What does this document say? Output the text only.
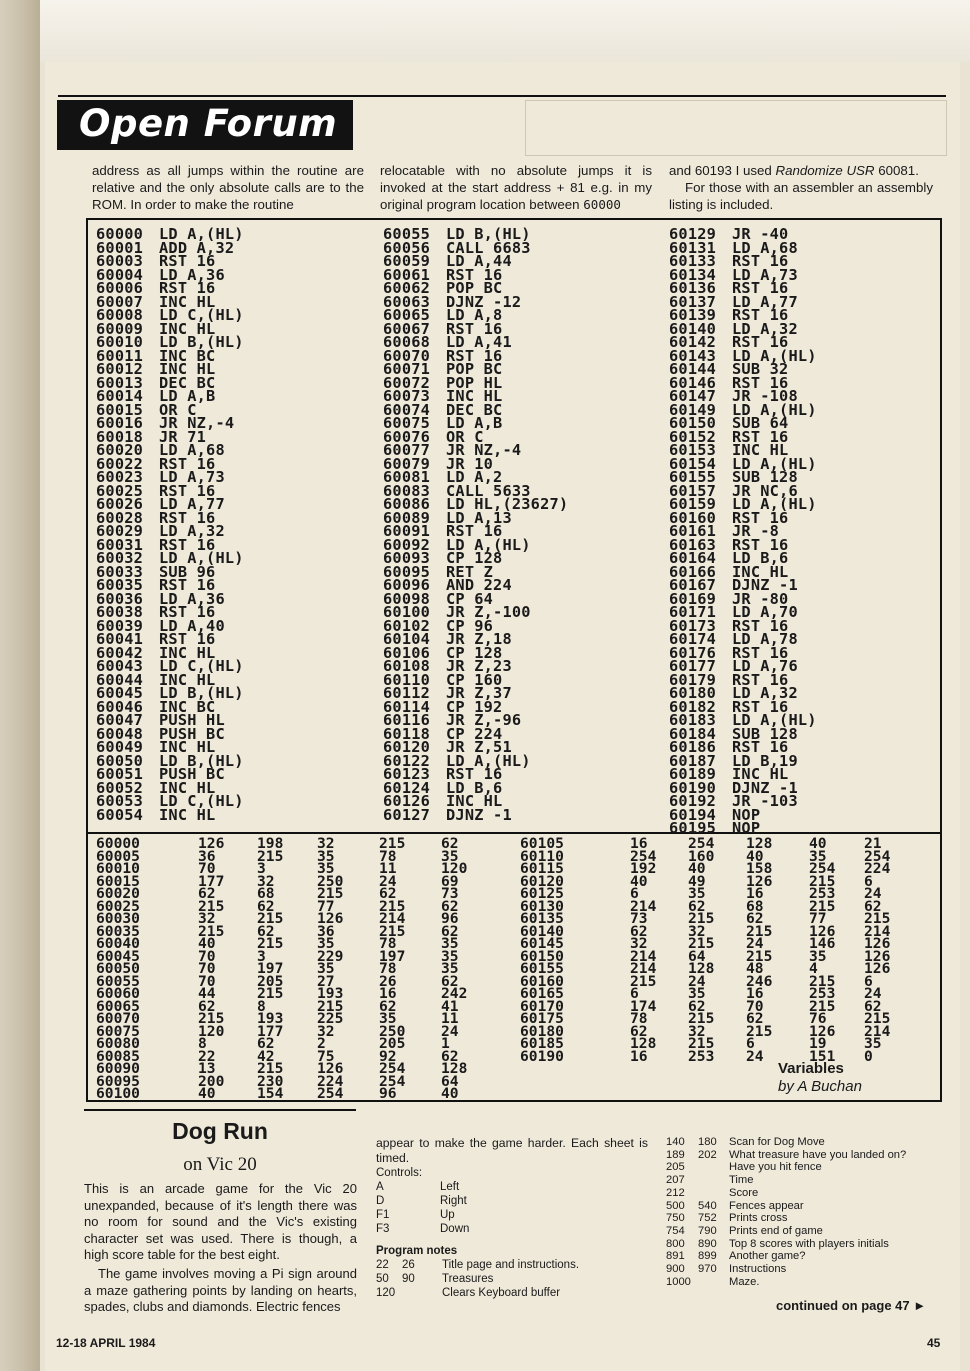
Open Forum
address as all jumps within the routine are relative and the only absolute calls are to the ROM. In order to make the routine
relocatable with no absolute jumps it is invoked at the start address + 81 e.g. in my original program location between 60000
and 60193 I used Randomize USR 60081.
For those with an assembler an assembly listing is included.
60000	LD A,(HL)
60001	ADD A,32
60003	RST 16
60004	LD A,36
60006	RST 16
60007	INC HL
60008	LD C,(HL)
60009	INC HL
60010	LD B,(HL)
60011	INC BC
60012	INC HL
60013	DEC BC
60014	LD A,B
60015	OR C
60016	JR NZ,-4
60018	JR 71
60020	LD A,68
60022	RST 16
60023	LD A,73
60025	RST 16
60026	LD A,77
60028	RST 16
60029	LD A,32
60031	RST 16
60032	LD A,(HL)
60033	SUB 96
60035	RST 16
60036	LD A,36
60038	RST 16
60039	LD A,40
60041	RST 16
60042	INC HL
60043	LD C,(HL)
60044	INC HL
60045	LD B,(HL)
60046	INC BC
60047	PUSH HL
60048	PUSH BC
60049	INC HL
60050	LD B,(HL)
60051	PUSH BC
60052	INC HL
60053	LD C,(HL)
60054	INC HL
60055	LD B,(HL)
60056	CALL 6683
60059	LD A,44
60061	RST 16
60062	POP BC
60063	DJNZ -12
60065	LD A,8
60067	RST 16
60068	LD A,41
60070	RST 16
60071	POP BC
60072	POP HL
60073	INC HL
60074	DEC BC
60075	LD A,B
60076	OR C
60077	JR NZ,-4
60079	JR 10
60081	LD A,2
60083	CALL 5633
60086	LD HL,(23627)
60089	LD A,13
60091	RST 16
60092	LD A,(HL)
60093	CP 128
60095	RET Z
60096	AND 224
60098	CP 64
60100	JR Z,-100
60102	CP 96
60104	JR Z,18
60106	CP 128
60108	JR Z,23
60110	CP 160
60112	JR Z,37
60114	CP 192
60116	JR Z,-96
60118	CP 224
60120	JR Z,51
60122	LD A,(HL)
60123	RST 16
60124	LD B,6
60126	INC HL
60127	DJNZ -1
60129	JR -40
60131	LD A,68
60133	RST 16
60134	LD A,73
60136	RST 16
60137	LD A,77
60139	RST 16
60140	LD A,32
60142	RST 16
60143	LD A,(HL)
60144	SUB 32
60146	RST 16
60147	JR -108
60149	LD A,(HL)
60150	SUB 64
60152	RST 16
60153	INC HL
60154	LD A,(HL)
60155	SUB 128
60157	JR NC,6
60159	LD A,(HL)
60160	RST 16
60161	JR -8
60163	RST 16
60164	LD B,6
60166	INC HL
60167	DJNZ -1
60169	JR -80
60171	LD A,70
60173	RST 16
60174	LD A,78
60176	RST 16
60177	LD A,76
60179	RST 16
60180	LD A,32
60182	RST 16
60183	LD A,(HL)
60184	SUB 128
60186	RST 16
60187	LD B,19
60189	INC HL
60190	DJNZ -1
60192	JR -103
60194	NOP
60195	NOP
60000	126	198	32	215	62
60005	36	215	35	78	35
60010	70	3	35	11	120
60015	177	32	250	24	69
60020	62	68	215	62	73
60025	215	62	77	215	62
60030	32	215	126	214	96
60035	215	62	36	215	62
60040	40	215	35	78	35
60045	70	3	229	197	35
60050	70	197	35	78	35
60055	70	205	27	26	62
60060	44	215	193	16	242
60065	62	8	215	62	41
60070	215	193	225	35	11
60075	120	177	32	250	24
60080	8	62	2	205	1
60085	22	42	75	92	62
60090	13	215	126	254	128
60095	200	230	224	254	64
60100	40	154	254	96	40
60105	16	254	128	40	21
60110	254	160	40	35	254
60115	192	40	158	254	224
60120	40	49	126	215	6
60125	6	35	16	253	24
60130	214	62	68	215	62
60135	73	215	62	77	215
60140	62	32	215	126	214
60145	32	215	24	146	126
60150	214	64	215	35	126
60155	214	128	48	4	126
60160	215	24	246	215	6
60165	6	35	16	253	24
60170	174	62	70	215	62
60175	78	215	62	76	215
60180	62	32	215	126	214
60185	128	215	6	19	35
60190	16	253	24	151	0
Variables
by A Buchan
Dog Run
on Vic 20

This is an arcade game for the Vic 20 unexpanded, because of it's length there was no room for sound and the Vic's existing character set was used. There is though, a high score table for the best eight.

The game involves moving a Pi sign around a maze gathering points by landing on hearts, spades, clubs and diamonds. Electric fences

appear to make the game harder. Each sheet is timed.
Controls:
A	Left
D	Right
F1	Up
F3	Down
Program notes
22	26	Title page and instructions.
50	90	Treasures
120	Clears Keyboard buffer
140	180	Scan for Dog Move
189	202	What treasure have you landed on?
205	Have you hit fence
207	Time
212	Score
500	540	Fences appear
750	752	Prints cross
754	790	Prints end of game
800	890	Top 8 scores with players initials
891	899	Another game?
900	970	Instructions
1000	Maze.
continued on page 47 ►
12-18 APRIL 1984	45
